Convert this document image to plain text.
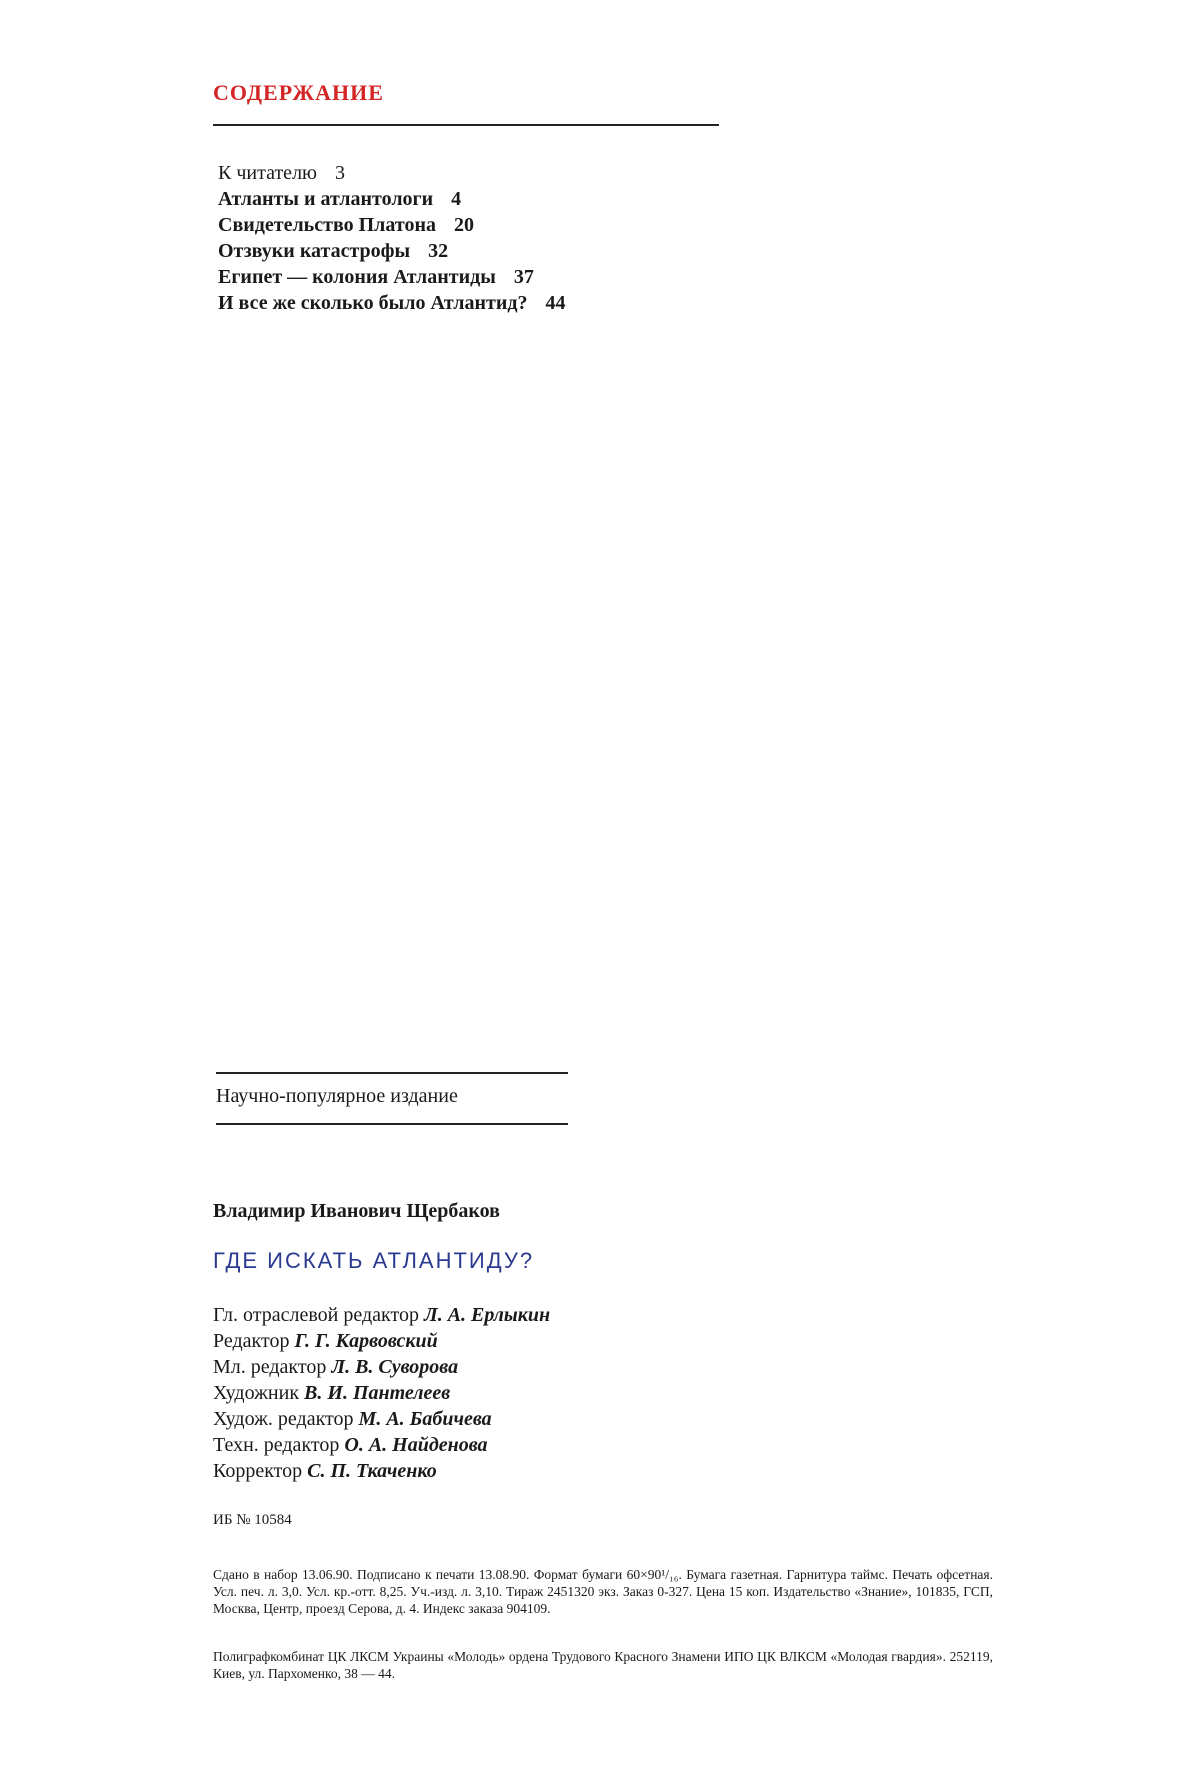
СОДЕРЖАНИЕ
К читателю 3
Атланты и атлантологи 4
Свидетельство Платона 20
Отзвуки катастрофы 32
Египет — колония Атлантиды 37
И все же сколько было Атлантид? 44
Научно-популярное издание
Владимир Иванович Щербаков
ГДЕ ИСКАТЬ АТЛАНТИДУ?
Гл. отраслевой редактор Л. А. Ерлыкин
Редактор Г. Г. Карвовский
Мл. редактор Л. В. Суворова
Художник В. И. Пантелеев
Худож. редактор М. А. Бабичева
Техн. редактор О. А. Найденова
Корректор С. П. Ткаченко
ИБ № 10584
Сдано в набор 13.06.90. Подписано к печати 13.08.90. Формат бумаги 60×90¹/₁₆. Бумага газетная. Гарнитура таймс. Печать офсетная. Усл. печ. л. 3,0. Усл. кр.-отт. 8,25. Уч.-изд. л. 3,10. Тираж 2451320 экз. Заказ 0-327. Цена 15 коп. Издательство «Знание», 101835, ГСП, Москва, Центр, проезд Серова, д. 4. Индекс заказа 904109.
Полиграфкомбинат ЦК ЛКСМ Украины «Молодь» ордена Трудового Красного Знамени ИПО ЦК ВЛКСМ «Молодая гвардия». 252119, Киев, ул. Пархоменко, 38 — 44.
